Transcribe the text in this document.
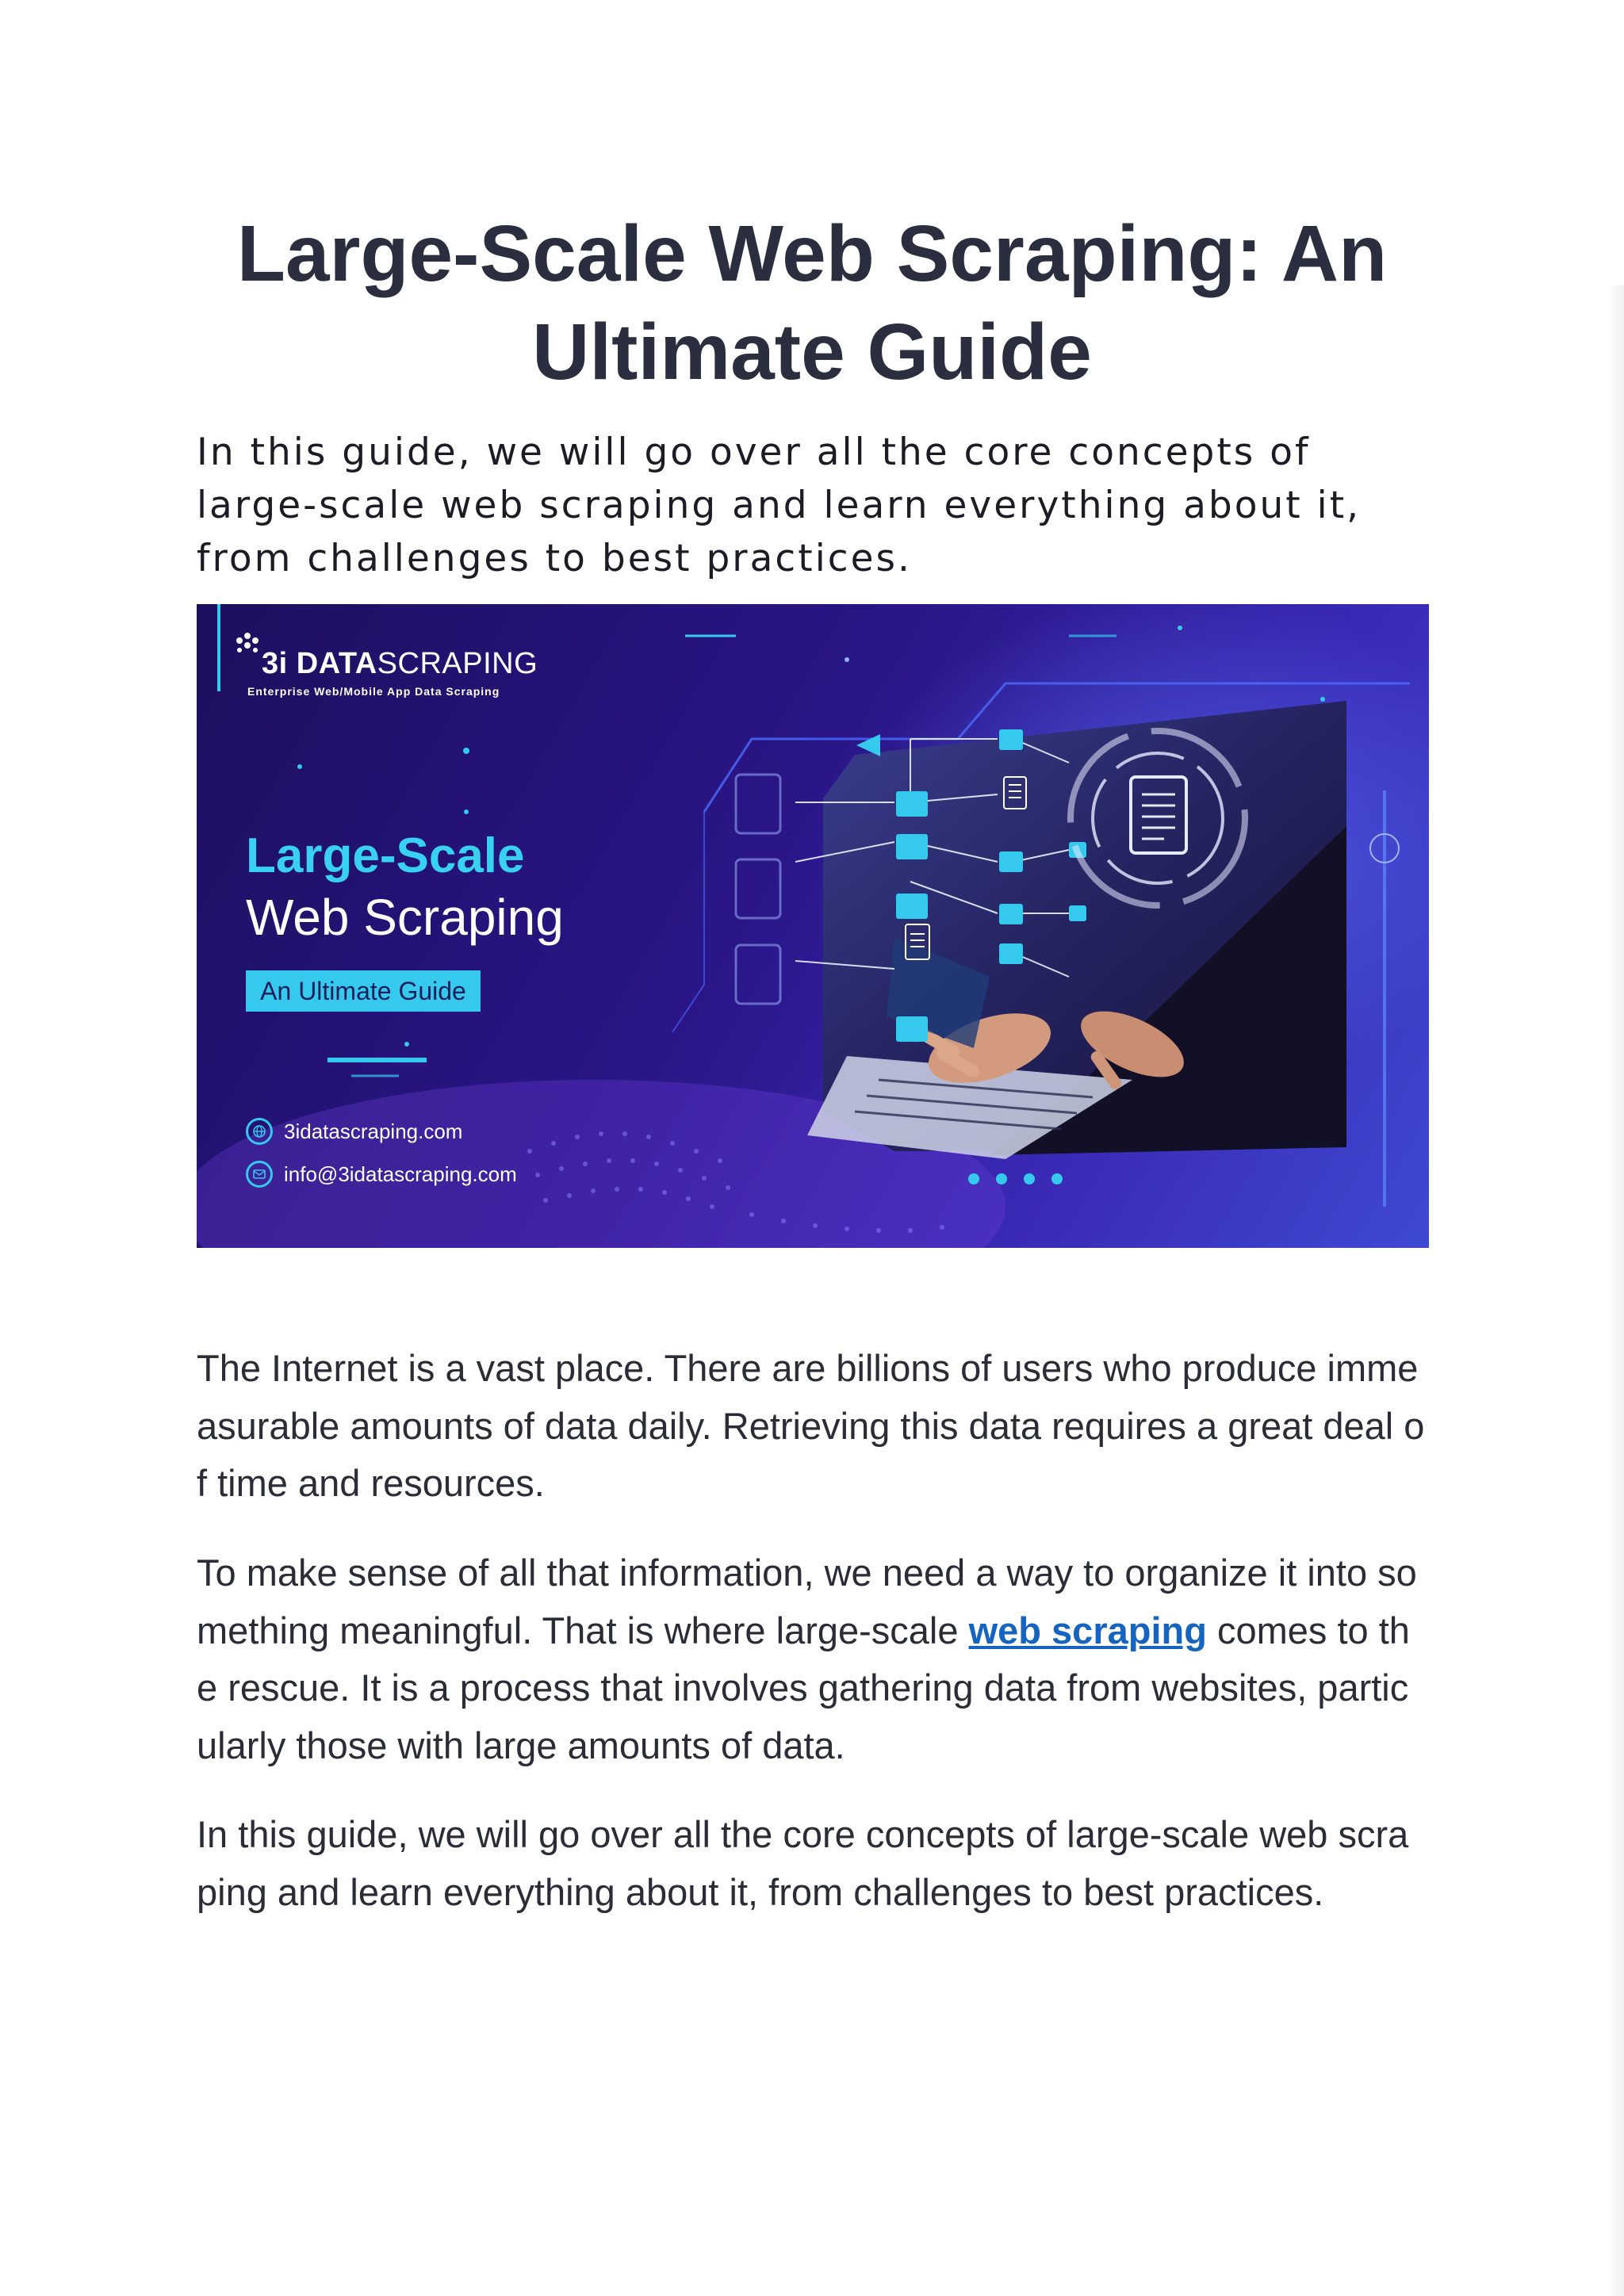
Large-Scale Web Scraping: An Ultimate Guide

In this guide, we will go over all the core concepts of large-scale web scraping and learn everything about it, from challenges to best practices.

3i DATASCRAPING
Enterprise Web/Mobile App Data Scraping
Large-Scale
Web Scraping
An Ultimate Guide
3idatascraping.com
info@3idatascraping.com

The Internet is a vast place. There are billions of users who produce immeasurable amounts of data daily. Retrieving this data requires a great deal of time and resources.

To make sense of all that information, we need a way to organize it into something meaningful. That is where large-scale web scraping comes to the rescue. It is a process that involves gathering data from websites, particularly those with large amounts of data.

In this guide, we will go over all the core concepts of large-scale web scraping and learn everything about it, from challenges to best practices.
